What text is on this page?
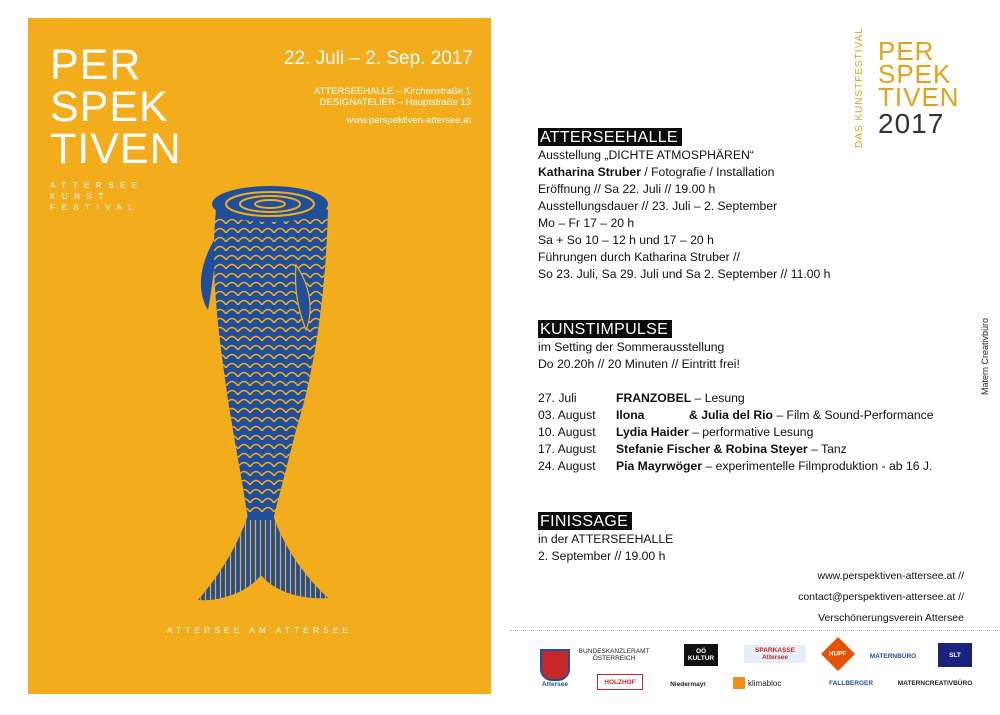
PER
SPEK
TIVEN
ATTERSEE
KUNST
FESTIVAL
22. Juli – 2. Sep. 2017
ATTERSEEHALLE – Kirchenstraße 1
DESIGNATELIER – Hauptstraße 13
www.perspektiven-attersee.at
ATTERSEE AM ATTERSEE
DAS KUNSTFESTIVAL PER
SPEK
TIVEN
2017
Matern Creativbüro
ATTERSEEHALLE
Ausstellung „DICHTE ATMOSPHÄREN“
Katharina Struber / Fotografie / Installation
Eröffnung // Sa 22. Juli // 19.00 h
Ausstellungsdauer // 23. Juli – 2. September
Mo – Fr 17 – 20 h
Sa + So 10 – 12 h und 17 – 20 h
Führungen durch Katharina Struber //
So 23. Juli, Sa 29. Juli und Sa 2. September // 11.00 h
KUNSTIMPULSE
im Setting der Sommerausstellung
Do 20.20h // 20 Minuten // Eintritt frei!
27. Juli	FRANZOBEL – Lesung
03. August	Ilona	& Julia del Rio – Film & Sound-Performance
10. August	Lydia Haider – performative Lesung
17. August	Stefanie Fischer & Robina Steyer – Tanz
24. August	Pia Mayrwöger – experimentelle Filmproduktion - ab 16 J.
FINISSAGE
in der ATTERSEEHALLE
2. September // 19.00 h
www.perspektiven-attersee.at //
contact@perspektiven-attersee.at //
Verschönerungsverein Attersee
Attersee
BUNDESKANZLERAMT ÖSTERREICH
OÖ KULTUR
SPARKASSE Attersee
HUPF	MATERNBÜRO	SLT
HOLZHOF	Niedermayr	klimabloc	FALLBERGER	MATERNCREATIVBÜRO
